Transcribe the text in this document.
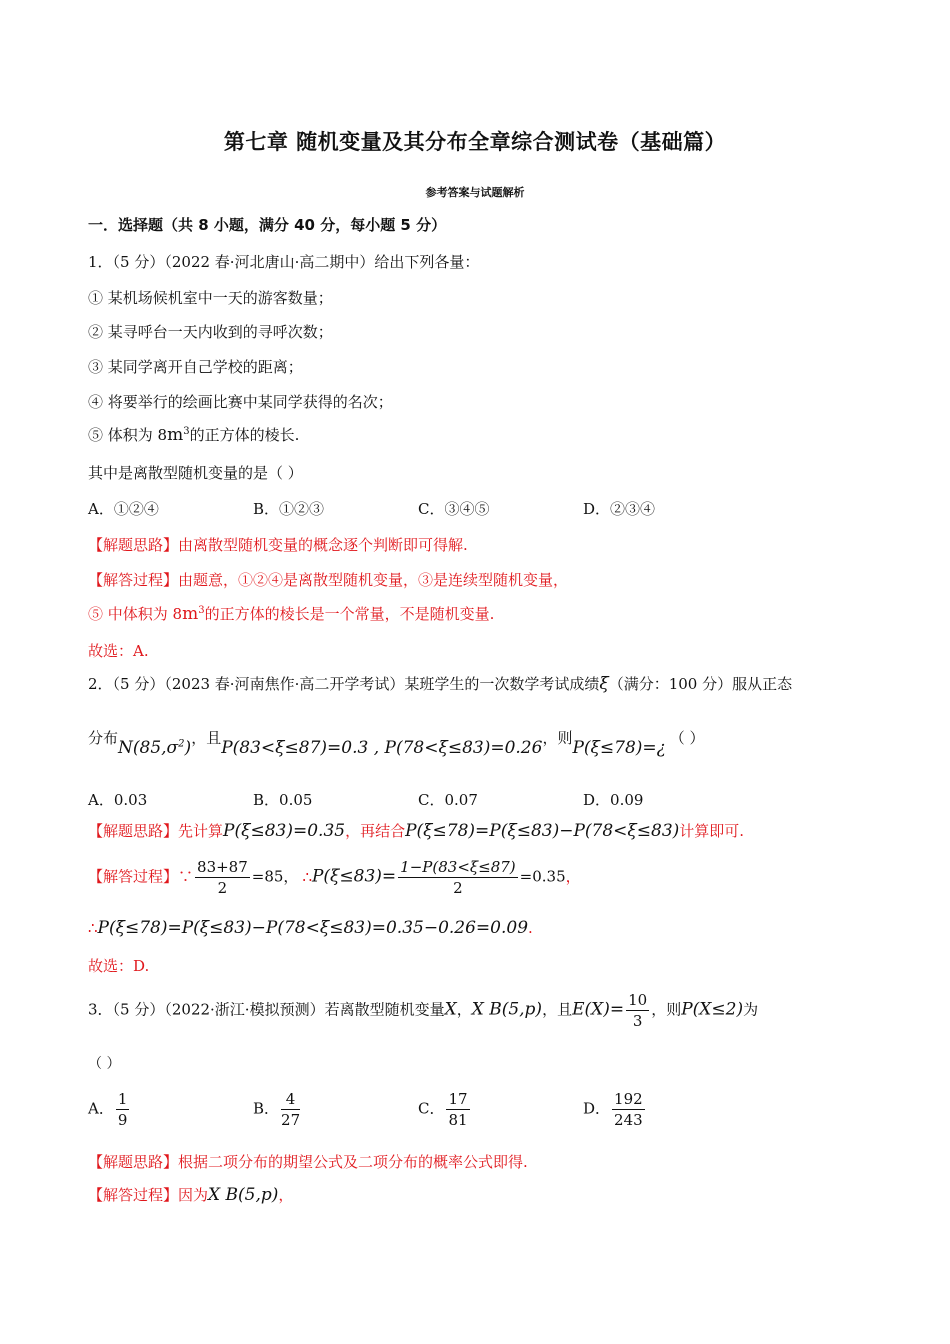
第七章 随机变量及其分布全章综合测试卷（基础篇）
参考答案与试题解析
一．选择题（共 8 小题，满分 40 分，每小题 5 分）
1．（5 分）（2022 春·河北唐山·高二期中）给出下列各量：
① 某机场候机室中一天的游客数量；
② 某寻呼台一天内收到的寻呼次数；
③ 某同学离开自己学校的距离；
④ 将要举行的绘画比赛中某同学获得的名次；
⑤ 体积为 $8m^3$的正方体的棱长.
其中是离散型随机变量的是（ ）
A．①②④	B．①②③	C．③④⑤	D．②③④
【解题思路】由离散型随机变量的概念逐个判断即可得解.
【解答过程】由题意，①②④是离散型随机变量，③是连续型随机变量，
⑤ 中体积为 $8m^3$的正方体的棱长是一个常量，不是随机变量.
故选：A.
2．（5 分）（2023 春·河南焦作·高二开学考试）某班学生的一次数学考试成绩ξ（满分：100 分）服从正态
分布$N(85,\sigma^2)$，且P(83<ξ≤87)=0.3 , P(78<ξ≤83)=0.26，则P(ξ≤78)=¿ （ ）
A．0.03	B．0.05	C．0.07	D．0.09
【解题思路】先计算P(ξ≤83)=0.35，再结合P(ξ≤78)=P(ξ≤83)−P(78<ξ≤83)计算即可.
【解答过程】∵ $\frac{83+87}{2} =85$， ∴P(ξ≤83)= $\frac{1-P(83<\xi\le 87)}{2} =0.35$，
∴P(ξ≤78)=P(ξ≤83)−P(78<ξ≤83)=0.35−0.26=0.09.
故选：D.
3．（5 分）（2022·浙江·模拟预测）若离散型随机变量X，X B(5,p)，且$E(X)= \frac{10}{3}$ ，则P(X≤2)为
（ ）
A． $\frac{1}{9}$	B． $\frac{4}{27}$	C． $\frac{17}{81}$	D． $\frac{192}{243}$
【解题思路】根据二项分布的期望公式及二项分布的概率公式即得.
【解答过程】因为X B(5,p)，
